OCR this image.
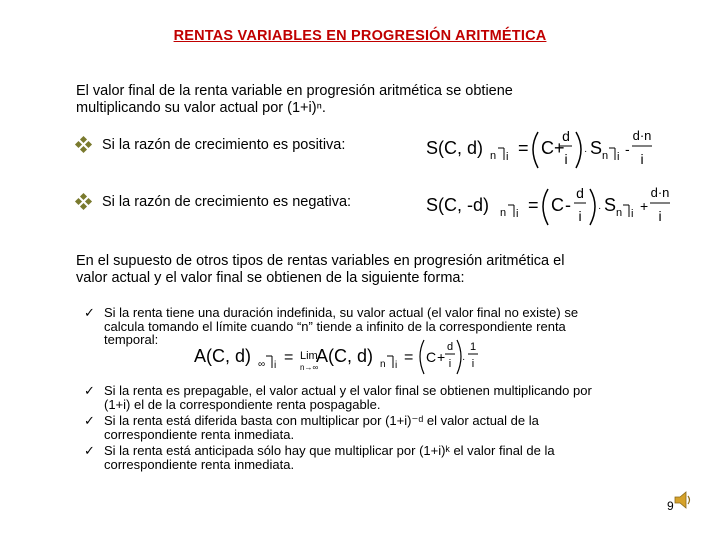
RENTAS VARIABLES EN PROGRESIÓN ARITMÉTICA
El valor final de la renta variable en progresión aritmética se obtiene
multiplicando su valor actual por (1+i)ⁿ.
Si la razón de crecimiento es positiva:	S(C, d) n i = C +
d
i · S n i -
d·n
i
Si la razón de crecimiento es negativa:	S(C, -d) n i = C -
d
i · S n i +
d·n
i
En el supuesto de otros tipos de rentas variables en progresión aritmética el
valor actual y el valor final se obtienen de la siguiente forma:
✓ Si la renta tiene una duración indefinida, su valor actual (el valor final no existe) se
calcula tomando el límite cuando “n” tiende a infinito de la correspondiente renta
temporal:
A(C, d) ∞ i = Lim
n→∞
A(C, d) n i = C +
d
i ·
1
i
✓ Si la renta es prepagable, el valor actual y el valor final se obtienen multiplicando por
(1+i) el de la correspondiente renta pospagable.
✓ Si la renta está diferida basta con multiplicar por (1+i)⁻ᵈ el valor actual de la
correspondiente renta inmediata.
✓ Si la renta está anticipada sólo hay que multiplicar por (1+i)ᵏ el valor final de la
correspondiente renta inmediata.
9
